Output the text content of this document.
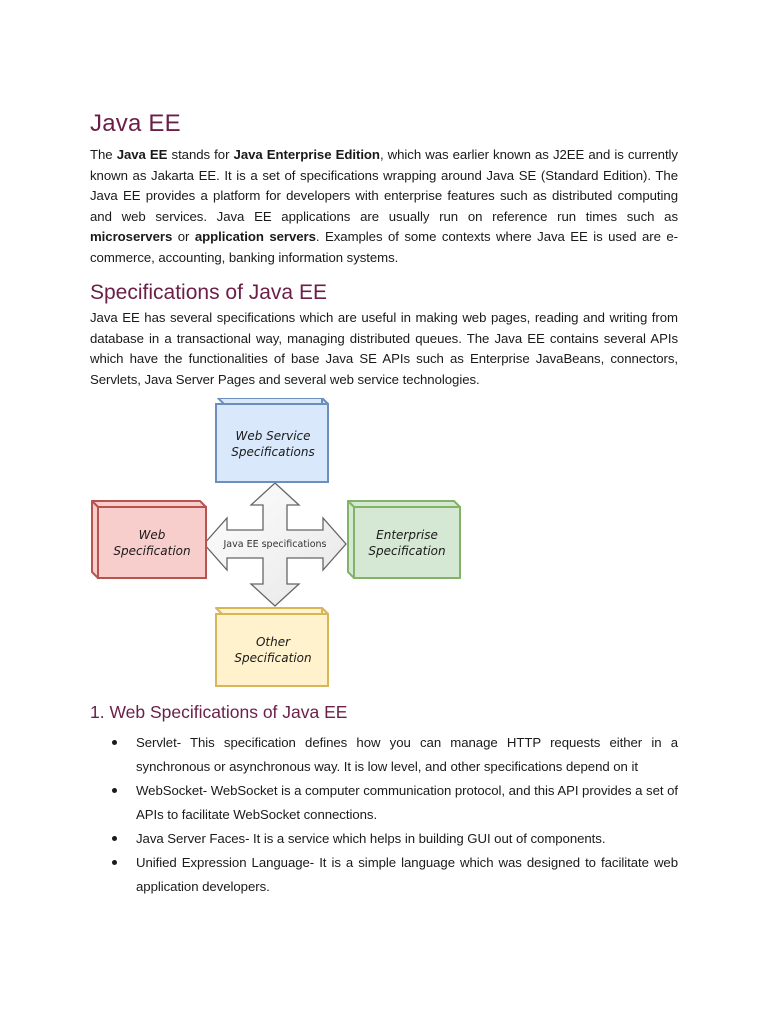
Java EE

The Java EE stands for Java Enterprise Edition, which was earlier known as J2EE and is currently known as Jakarta EE. It is a set of specifications wrapping around Java SE (Standard Edition). The Java EE provides a platform for developers with enterprise features such as distributed computing and web services. Java EE applications are usually run on reference run times such as microservers or application servers. Examples of some contexts where Java EE is used are e-commerce, accounting, banking information systems.

Specifications of Java EE

Java EE has several specifications which are useful in making web pages, reading and writing from database in a transactional way, managing distributed queues. The Java EE contains several APIs which have the functionalities of base Java SE APIs such as Enterprise JavaBeans, connectors, Servlets, Java Server Pages and several web service technologies.

Java EE specifications
Web Service
Specifications
Web
Specification
Enterprise
Specification
Other
Specification
1. Web Specifications of Java EE
Servlet- This specification defines how you can manage HTTP requests either in a synchronous or asynchronous way. It is low level, and other specifications depend on it
WebSocket- WebSocket is a computer communication protocol, and this API provides a set of APIs to facilitate WebSocket connections.
Java Server Faces- It is a service which helps in building GUI out of components.
Unified Expression Language- It is a simple language which was designed to facilitate web application developers.
